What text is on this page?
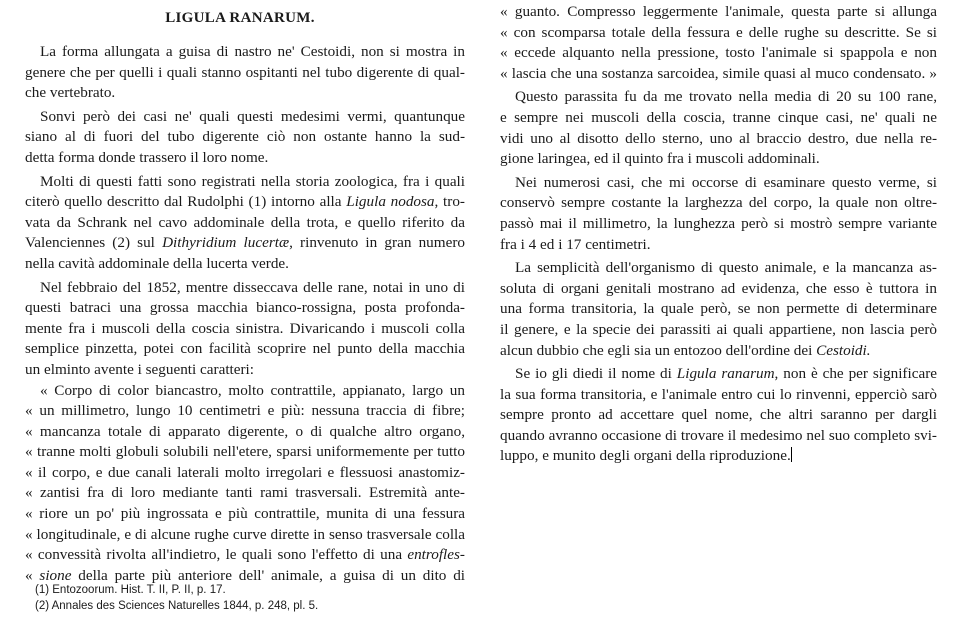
LIGULA RANARUM.
La forma allungata a guisa di nastro ne' Cestoidi, non si mostra in
genere che per quelli i quali stanno ospitanti nel tubo digerente di qual-
che vertebrato.
Sonvi però dei casi ne' quali questi medesimi vermi, quantunque
siano al di fuori del tubo digerente ciò non ostante hanno la sud-
detta forma donde trassero il loro nome.
Molti di questi fatti sono registrati nella storia zoologica, fra i quali
citerò quello descritto dal Rudolphi (1) intorno alla Ligula nodosa, tro-
vata da Schrank nel cavo addominale della trota, e quello riferito da
Valenciennes (2) sul Dithyridium lucertæ, rinvenuto in gran numero
nella cavità addominale della lucerta verde.
Nel febbraio del 1852, mentre disseccava delle rane, notai in uno di
questi batraci una grossa macchia bianco-rossigna, posta profonda-
mente fra i muscoli della coscia sinistra. Divaricando i muscoli colla
semplice pinzetta, potei con facilità scoprire nel punto della macchia
un elminto avente i seguenti caratteri:
« Corpo di color biancastro, molto contrattile, appianato, largo un
« un millimetro, lungo 10 centimetri e più: nessuna traccia di fibre;
« mancanza totale di apparato digerente, o di qualche altro organo,
« tranne molti globuli solubili nell'etere, sparsi uniformemente per tutto
« il corpo, e due canali laterali molto irregolari e flessuosi anastomiz-
« zantisi fra di loro mediante tanti rami trasversali. Estremità ante-
« riore un po' più ingrossata e più contrattile, munita di una fessura
« longitudinale, e di alcune rughe curve dirette in senso trasversale colla
« convessità rivolta all'indietro, le quali sono l'effetto di una entrofles-
« sione della parte più anteriore dell' animale, a guisa di un dito di
« guanto. Compresso leggermente l'animale, questa parte si allunga
« con scomparsa totale della fessura e delle rughe su descritte. Se si
« eccede alquanto nella pressione, tosto l'animale si spappola e non
« lascia che una sostanza sarcoidea, simile quasi al muco condensato. »
Questo parassita fu da me trovato nella media di 20 su 100 rane,
e sempre nei muscoli della coscia, tranne cinque casi, ne' quali ne
vidi uno al disotto dello sterno, uno al braccio destro, due nella re-
gione laringea, ed il quinto fra i muscoli addominali.
Nei numerosi casi, che mi occorse di esaminare questo verme, si
conservò sempre costante la larghezza del corpo, la quale non oltre-
passò mai il millimetro, la lunghezza però si mostrò sempre variante
fra i 4 ed i 17 centimetri.
La semplicità dell'organismo di questo animale, e la mancanza as-
soluta di organi genitali mostrano ad evidenza, che esso è tuttora in
una forma transitoria, la quale però, se non permette di determinare
il genere, e la specie dei parassiti ai quali appartiene, non lascia però
alcun dubbio che egli sia un entozoo dell'ordine dei Cestoidi.
Se io gli diedi il nome di Ligula ranarum, non è che per significare
la sua forma transitoria, e l'animale entro cui lo rinvenni, epperciò sarò
sempre pronto ad accettare quel nome, che altri saranno per dargli
quando avranno occasione di trovare il medesimo nel suo completo svi-
luppo, e munito degli organi della riproduzione.
(1) Entozoorum. Hist. T. II, P. II, p. 17.
(2) Annales des Sciences Naturelles 1844, p. 248, pl. 5.
